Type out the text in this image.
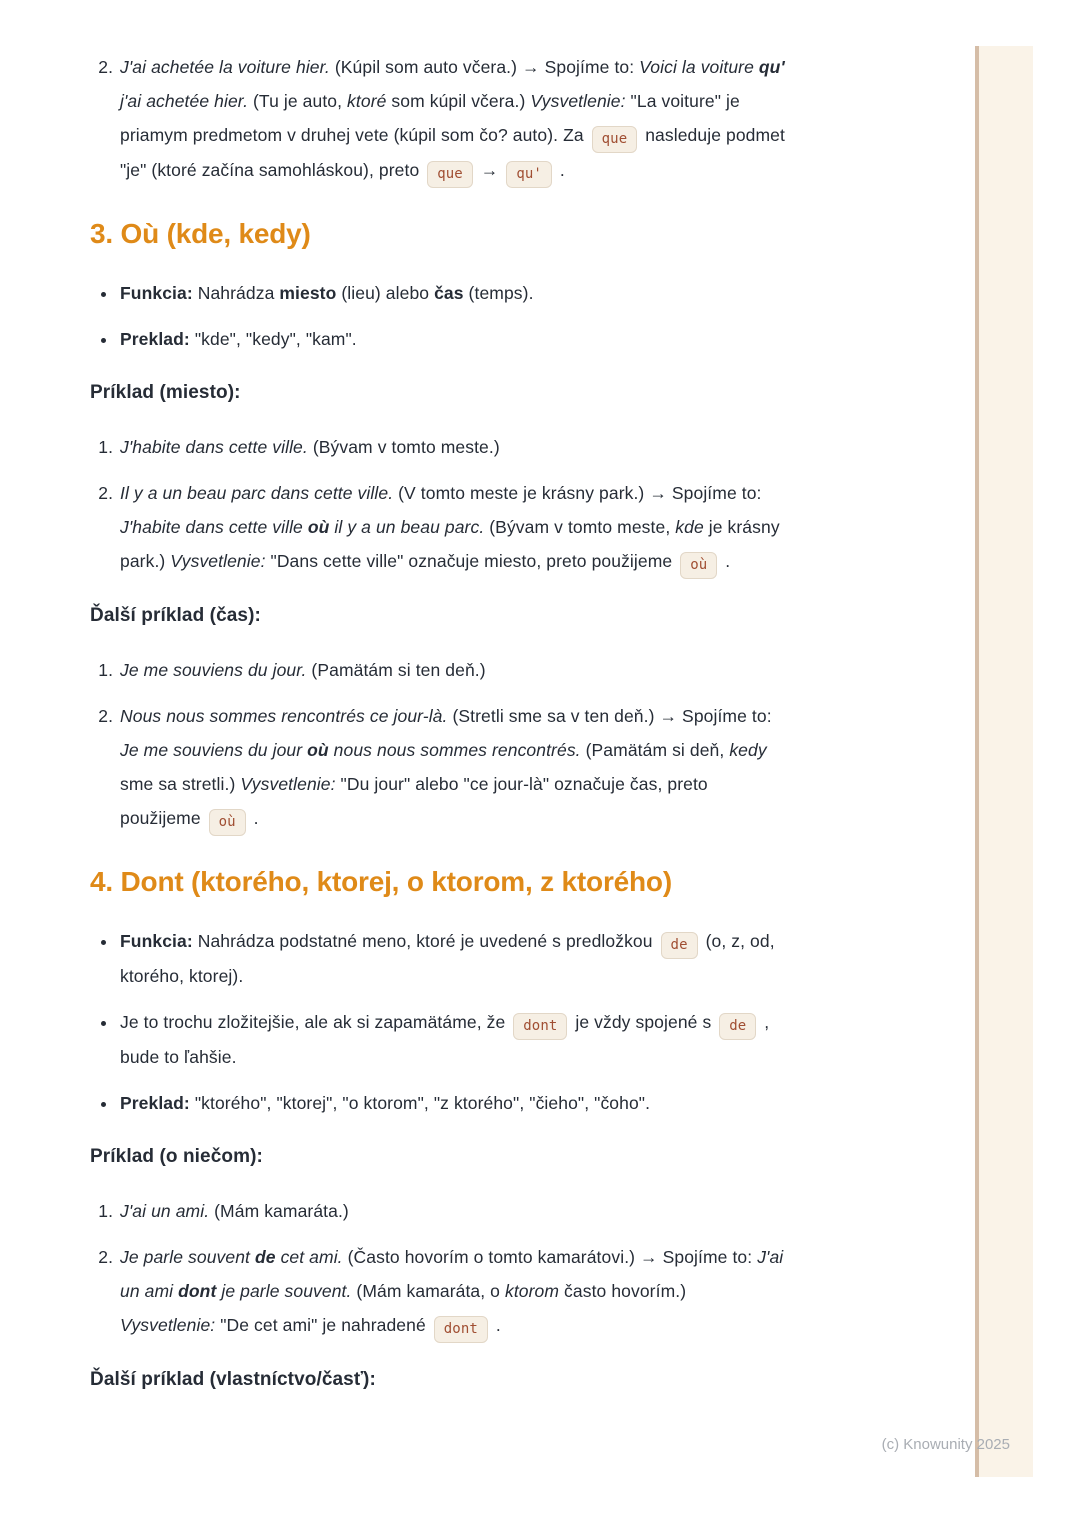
2. J'ai achetée la voiture hier. (Kúpil som auto včera.) → Spojíme to: Voici la voiture qu' j'ai achetée hier. (Tu je auto, ktoré som kúpil včera.) Vysvetlenie: "La voiture" je priamym predmetom v druhej vete (kúpil som čo? auto). Za que nasleduje podmet "je" (ktoré začína samohláskou), preto que → qu' .
3. Où (kde, kedy)
• Funkcia: Nahrádza miesto (lieu) alebo čas (temps).
• Preklad: "kde", "kedy", "kam".
Príklad (miesto):
1. J'habite dans cette ville. (Bývam v tomto meste.)
2. Il y a un beau parc dans cette ville. (V tomto meste je krásny park.) → Spojíme to: J'habite dans cette ville où il y a un beau parc. (Bývam v tomto meste, kde je krásny park.) Vysvetlenie: "Dans cette ville" označuje miesto, preto použijeme où .
Ďalší príklad (čas):
1. Je me souviens du jour. (Pamätám si ten deň.)
2. Nous nous sommes rencontrés ce jour-là. (Stretli sme sa v ten deň.) → Spojíme to: Je me souviens du jour où nous nous sommes rencontrés. (Pamätám si deň, kedy sme sa stretli.) Vysvetlenie: "Du jour" alebo "ce jour-là" označuje čas, preto použijeme où .
4. Dont (ktorého, ktorej, o ktorom, z ktorého)
• Funkcia: Nahrádza podstatné meno, ktoré je uvedené s predložkou de (o, z, od, ktorého, ktorej).
• Je to trochu zložitejšie, ale ak si zapamätáme, že dont je vždy spojené s de , bude to ľahšie.
• Preklad: "ktorého", "ktorej", "o ktorom", "z ktorého", "čieho", "čoho".
Príklad (o niečom):
1. J'ai un ami. (Mám kamaráta.)
2. Je parle souvent de cet ami. (Často hovorím o tomto kamarátovi.) → Spojíme to: J'ai un ami dont je parle souvent. (Mám kamaráta, o ktorom často hovorím.) Vysvetlenie: "De cet ami" je nahradené dont .
Ďalší príklad (vlastníctvo/časť):
(c) Knowunity 2025
